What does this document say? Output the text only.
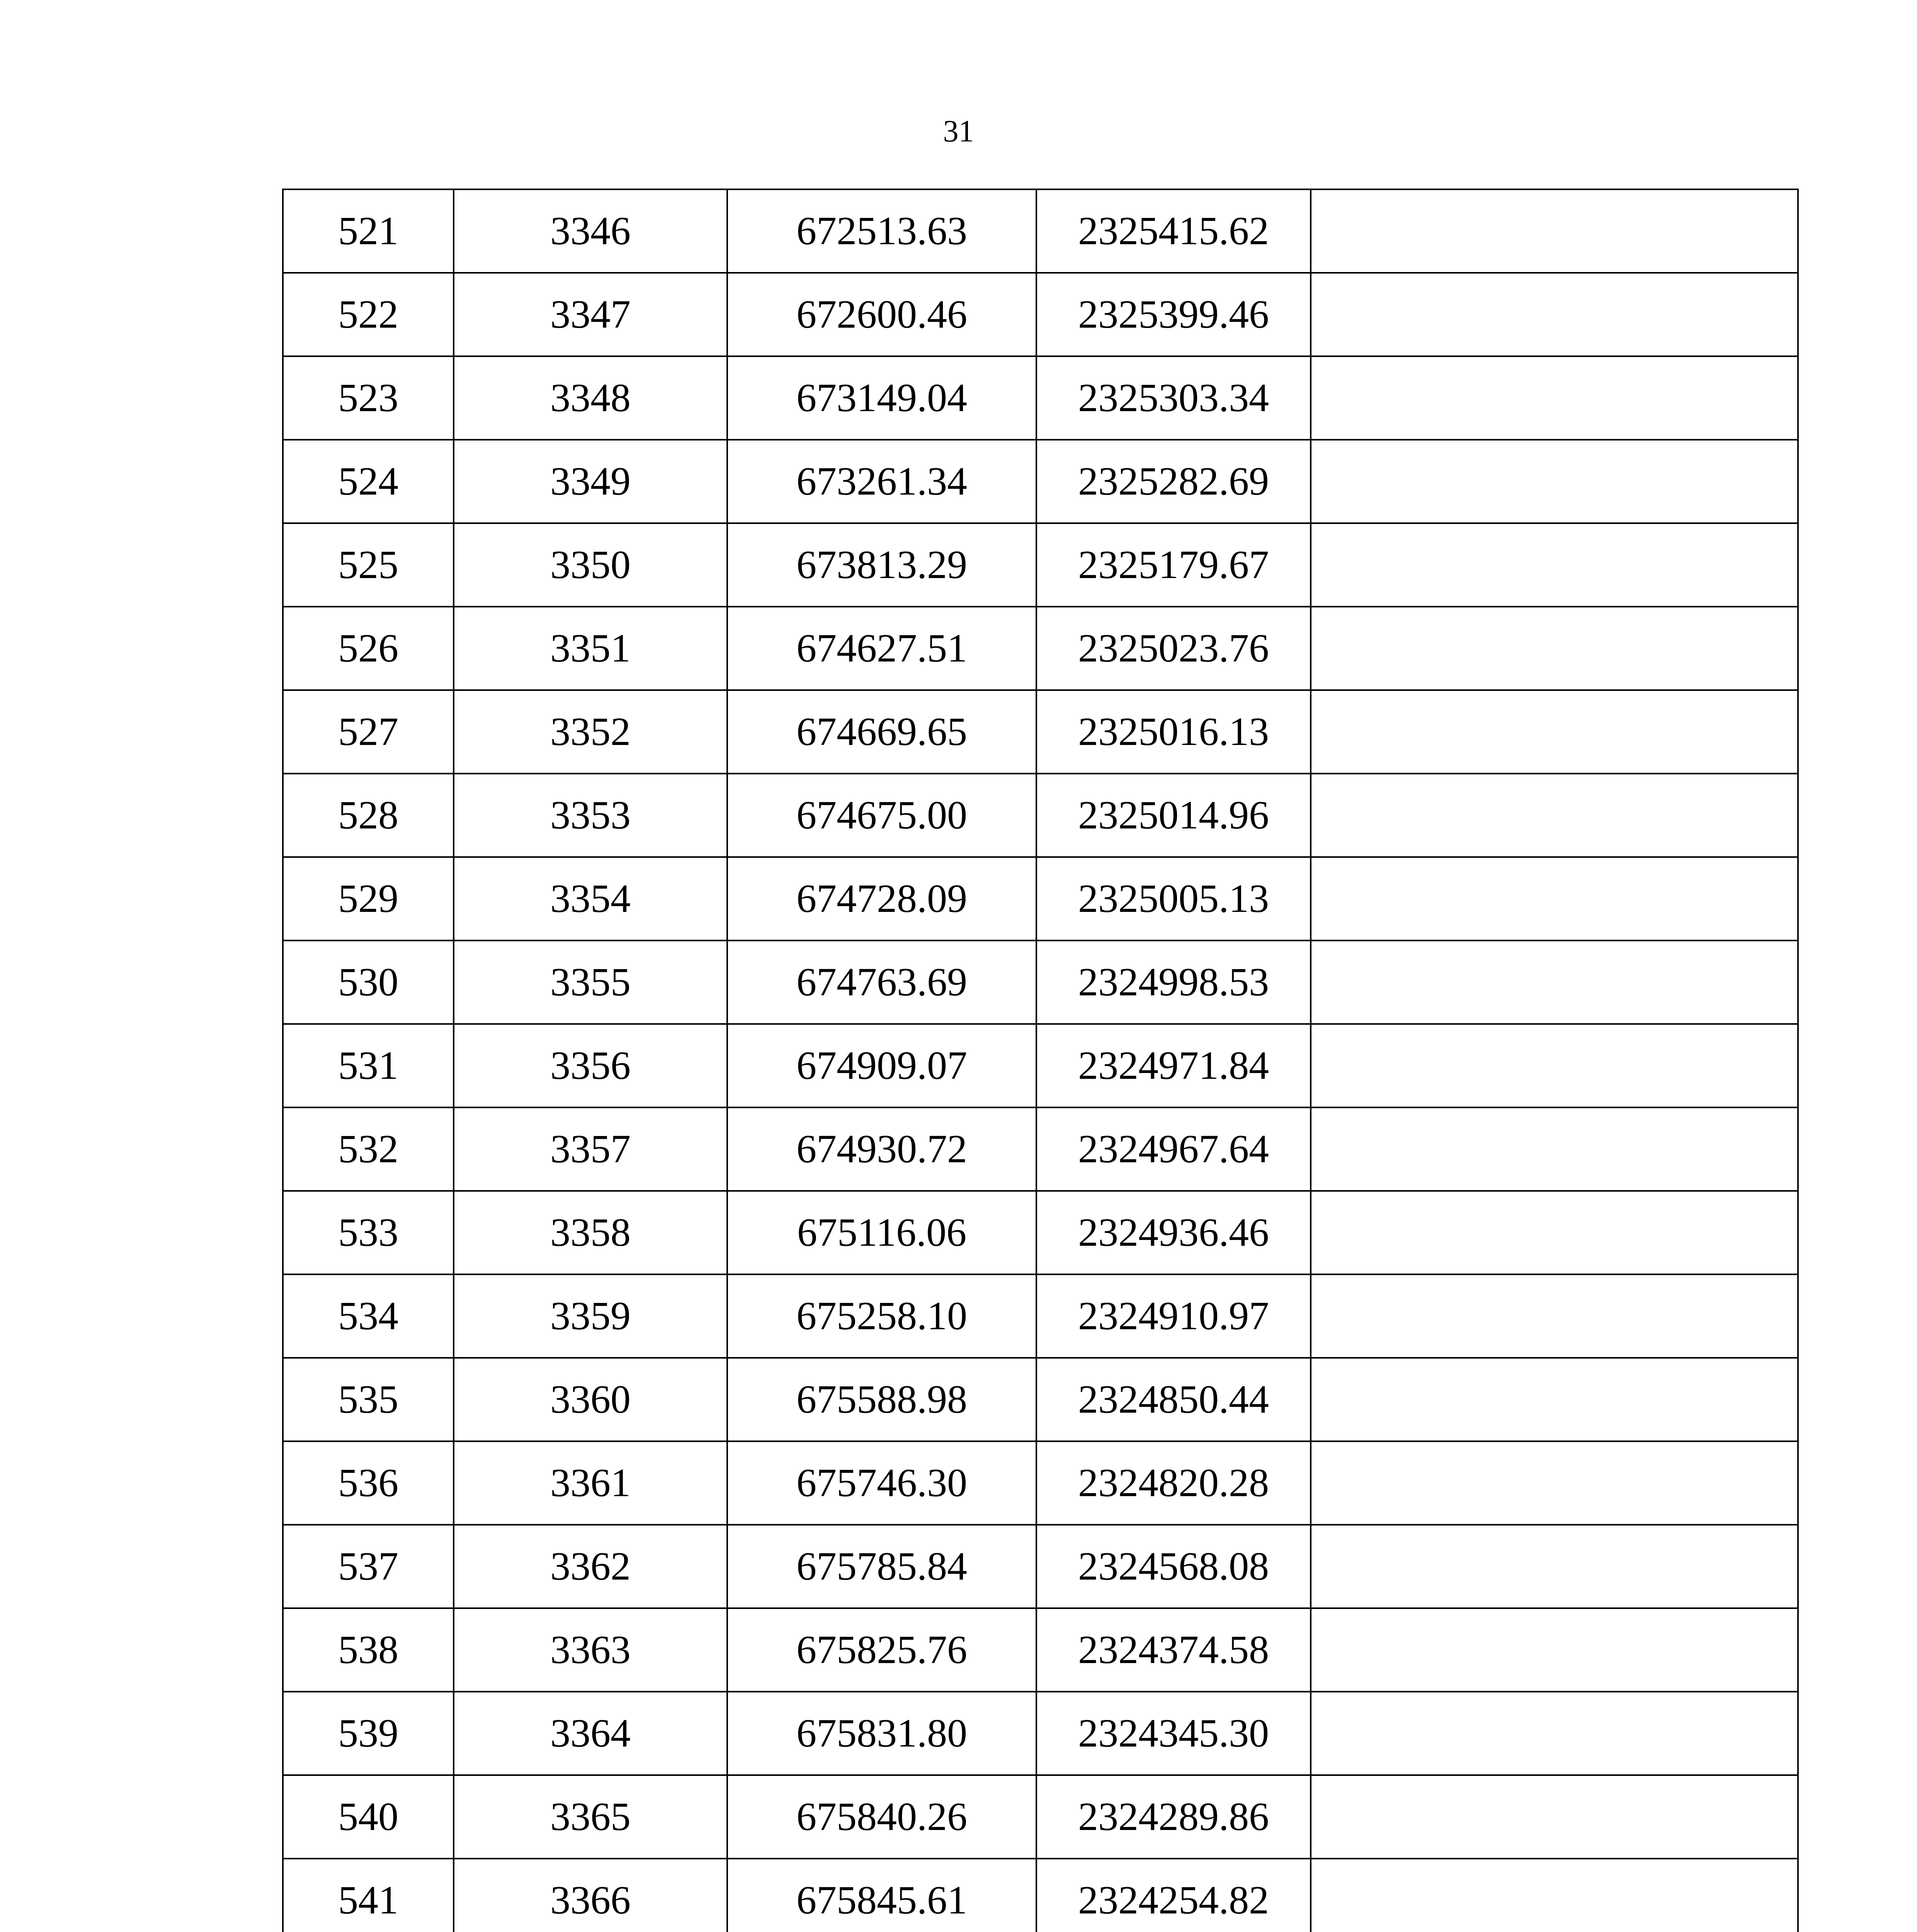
31
521	3346	672513.63	2325415.62	
522	3347	672600.46	2325399.46	
523	3348	673149.04	2325303.34	
524	3349	673261.34	2325282.69	
525	3350	673813.29	2325179.67	
526	3351	674627.51	2325023.76	
527	3352	674669.65	2325016.13	
528	3353	674675.00	2325014.96	
529	3354	674728.09	2325005.13	
530	3355	674763.69	2324998.53	
531	3356	674909.07	2324971.84	
532	3357	674930.72	2324967.64	
533	3358	675116.06	2324936.46	
534	3359	675258.10	2324910.97	
535	3360	675588.98	2324850.44	
536	3361	675746.30	2324820.28	
537	3362	675785.84	2324568.08	
538	3363	675825.76	2324374.58	
539	3364	675831.80	2324345.30	
540	3365	675840.26	2324289.86	
541	3366	675845.61	2324254.82	
